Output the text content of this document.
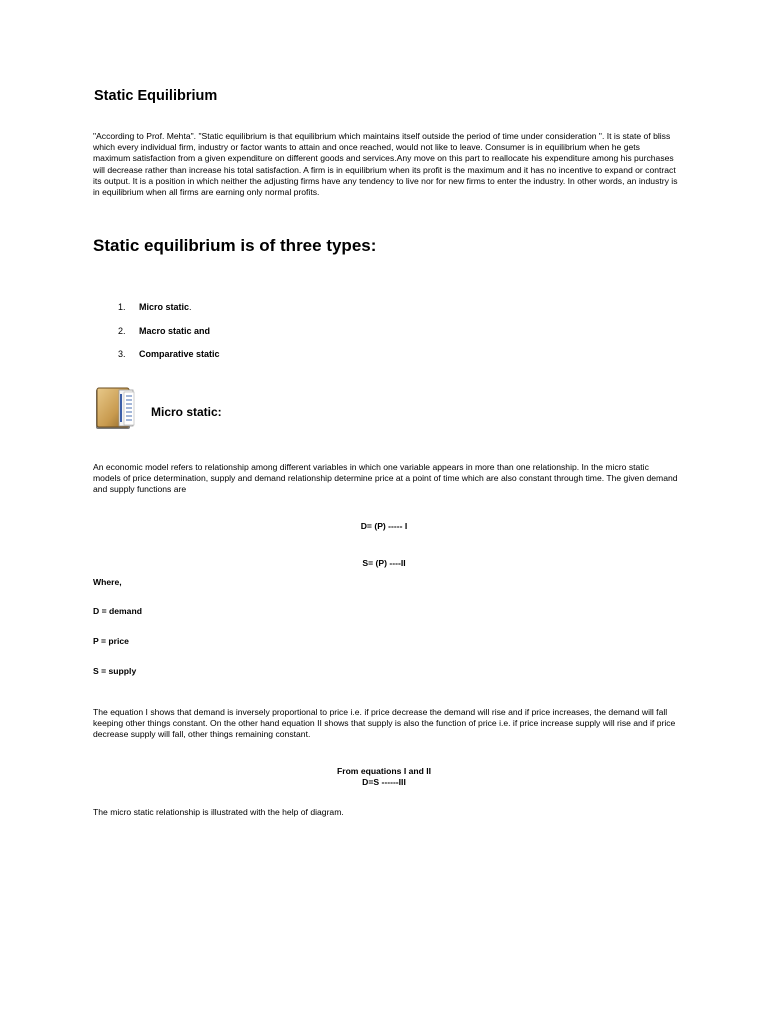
Static Equilibrium
"According to Prof. Mehta". "Static equilibrium is that equilibrium which maintains itself outside the period of time under consideration ". It is state of bliss which every individual firm, industry or factor wants to attain and once reached, would not like to leave. Consumer is in equilibrium when he gets maximum satisfaction from a given expenditure on different goods and services.Any move on this part to reallocate his expenditure among his purchases will decrease rather than increase his total satisfaction. A firm is in equilibrium when its profit is the maximum and it has no incentive to expand or contract its output. It is a position in which neither the adjusting firms have any tendency to live nor for new firms to enter the industry. In other words, an industry is in equilibrium when all firms are earning only normal profits.
Static equilibrium is of three types:
1.	Micro static.
2.	Macro static and
3.	Comparative static
Micro static:
An economic model refers to relationship among different variables in which one variable appears in more than one relationship. In the micro static models of price determination, supply and demand relationship determine price at a point of time which are also constant through time. The given demand and supply functions are
D= (P) ----- I
S= (P) ----II
Where,
D = demand
P = price
S = supply
The equation I shows that demand is inversely proportional to price i.e. if price decrease the demand will rise and if price increases, the demand will fall keeping other things constant. On the other hand equation II shows that supply is also the function of price i.e. if price increase supply will rise and if price decrease supply will fall, other things remaining constant.
From equations I and II
D=S ------III
The micro static relationship is illustrated with the help of diagram.
